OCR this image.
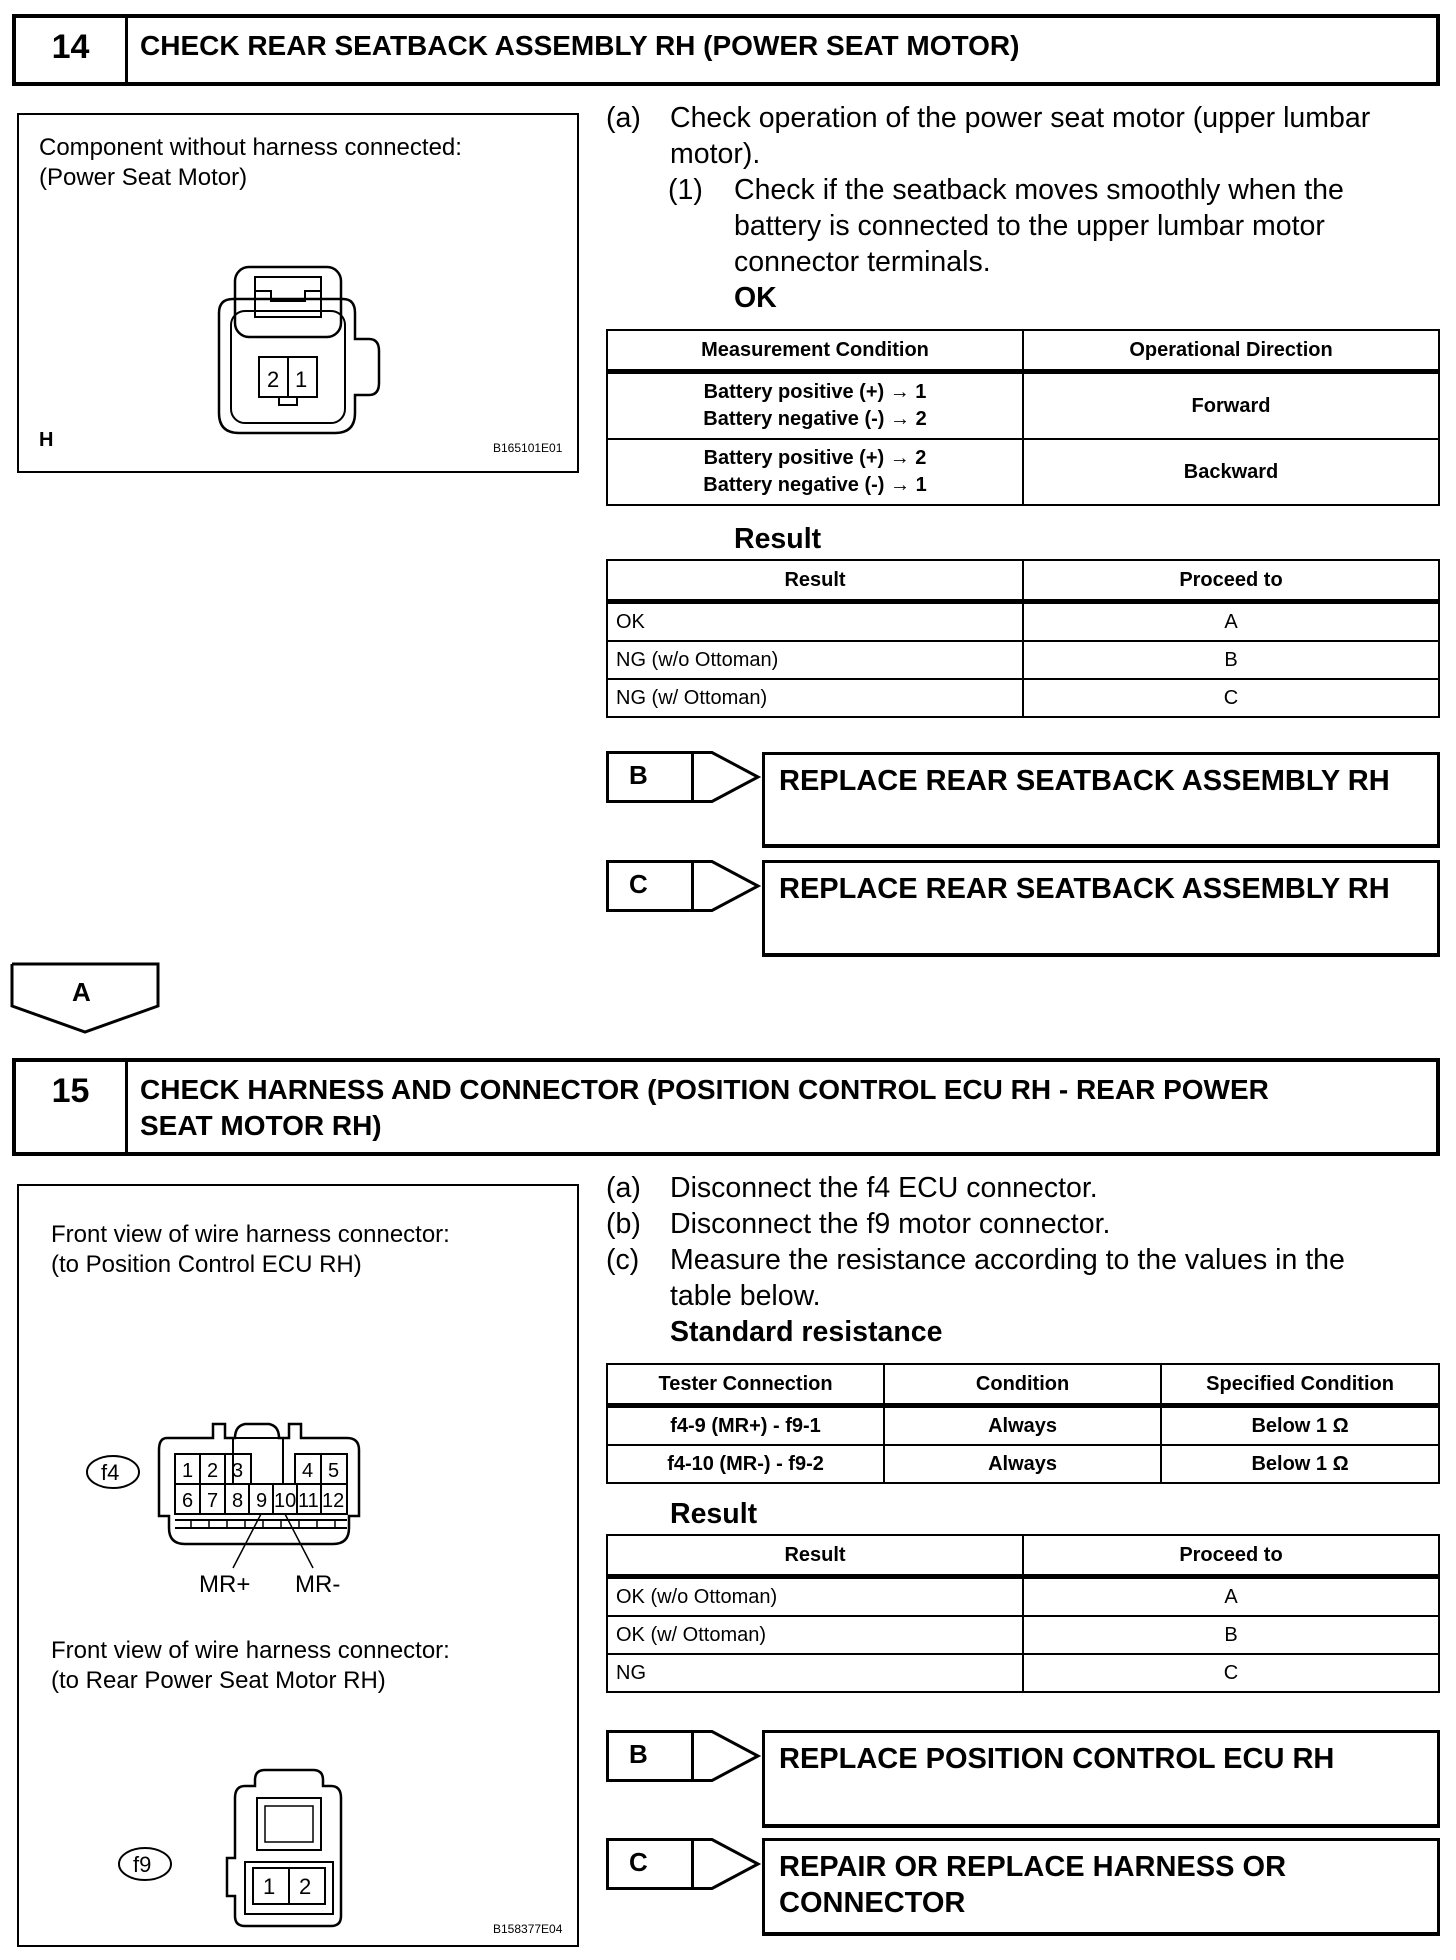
14	CHECK REAR SEATBACK ASSEMBLY RH (POWER SEAT MOTOR)
Component without harness connected:
(Power Seat Motor)
2 1
H	B165101E01
(a) Check operation of the power seat motor (upper lumbar
motor).
(1) Check if the seatback moves smoothly when the
battery is connected to the upper lumbar motor
connector terminals.
OK
Measurement Condition	Operational Direction

Battery positive (+) → 1
Battery negative (-) → 2	Forward

Battery positive (+) → 2
Battery negative (-) → 1	Backward
Result
Result	Proceed to
OK	A
NG (w/o Ottoman)	B
NG (w/ Ottoman)	C
B	REPLACE REAR SEATBACK ASSEMBLY RH
C	REPLACE REAR SEATBACK ASSEMBLY RH
A
15	CHECK HARNESS AND CONNECTOR (POSITION CONTROL ECU RH - REAR POWER
SEAT MOTOR RH)
Front view of wire harness connector:
(to Position Control ECU RH)
f4	1 2 3	4 5
6 7 8 9 10 11 12
MR+ MR-
Front view of wire harness connector:
(to Rear Power Seat Motor RH)
f9
1 2
B158377E04
(a) Disconnect the f4 ECU connector.
(b) Disconnect the f9 motor connector.
(c) Measure the resistance according to the values in the
table below.
Standard resistance
Tester Connection	Condition	Specified Condition
f4-9 (MR+) - f9-1	Always	Below 1 Ω
f4-10 (MR-) - f9-2	Always	Below 1 Ω
Result
Result	Proceed to
OK (w/o Ottoman)	A
OK (w/ Ottoman)	B
NG	C
B	REPLACE POSITION CONTROL ECU RH
C	REPAIR OR REPLACE HARNESS OR
CONNECTOR
